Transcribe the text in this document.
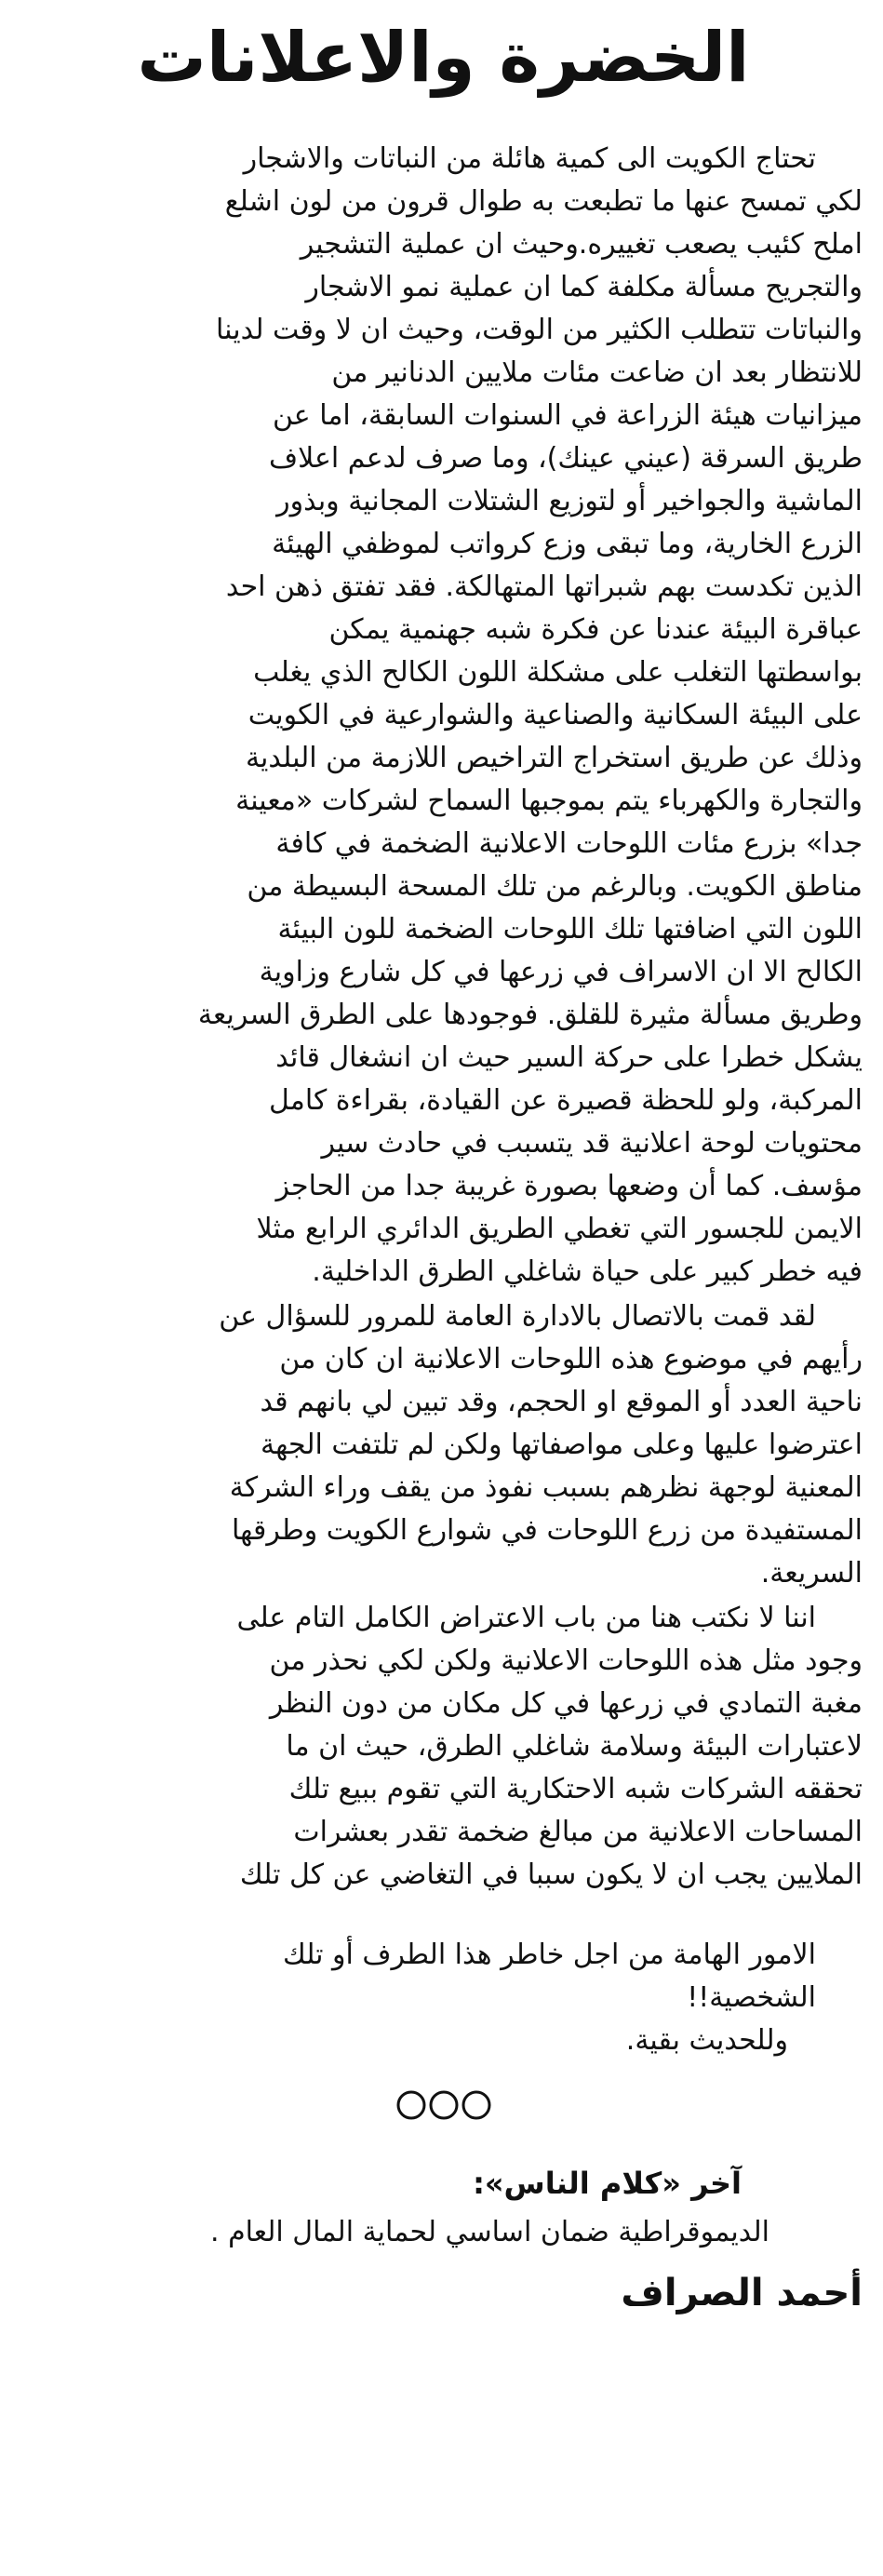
الخضرة والاعلانات

تحتاج الكويت الى كمية هائلة من النباتات والاشجار
لكي تمسح عنها ما تطبعت به طوال قرون من لون اشلع
املح كئيب يصعب تغييره.وحيث ان عملية التشجير
والتجريح مسألة مكلفة كما ان عملية نمو الاشجار
والنباتات تتطلب الكثير من الوقت، وحيث ان لا وقت لدينا
للانتظار بعد ان ضاعت مئات ملايين الدنانير من
ميزانيات هيئة الزراعة في السنوات السابقة، اما عن
طريق السرقة (عيني عينك)، وما صرف لدعم اعلاف
الماشية والجواخير أو لتوزيع الشتلات المجانية وبذور
الزرع الخارية، وما تبقى وزع كرواتب لموظفي الهيئة
الذين تكدست بهم شبراتها المتهالكة. فقد تفتق ذهن احد
عباقرة البيئة عندنا عن فكرة شبه جهنمية يمكن
بواسطتها التغلب على مشكلة اللون الكالح الذي يغلب
على البيئة السكانية والصناعية والشوارعية في الكويت
وذلك عن طريق استخراج التراخيص اللازمة من البلدية
والتجارة والكهرباء يتم بموجبها السماح لشركات «معينة
جدا» بزرع مئات اللوحات الاعلانية الضخمة في كافة
مناطق الكويت. وبالرغم من تلك المسحة البسيطة من
اللون التي اضافتها تلك اللوحات الضخمة للون البيئة
الكالح الا ان الاسراف في زرعها في كل شارع وزاوية
وطريق مسألة مثيرة للقلق. فوجودها على الطرق السريعة
يشكل خطرا على حركة السير حيث ان انشغال قائد
المركبة، ولو للحظة قصيرة عن القيادة، بقراءة كامل
محتويات لوحة اعلانية قد يتسبب في حادث سير
مؤسف. كما أن وضعها بصورة غريبة جدا من الحاجز
الايمن للجسور التي تغطي الطريق الدائري الرابع مثلا
فيه خطر كبير على حياة شاغلي الطرق الداخلية.

لقد قمت بالاتصال بالادارة العامة للمرور للسؤال عن
رأيهم في موضوع هذه اللوحات الاعلانية ان كان من
ناحية العدد أو الموقع او الحجم، وقد تبين لي بانهم قد
اعترضوا عليها وعلى مواصفاتها ولكن لم تلتفت الجهة
المعنية لوجهة نظرهم بسبب نفوذ من يقف وراء الشركة
المستفيدة من زرع اللوحات في شوارع الكويت وطرقها
السريعة.

اننا لا نكتب هنا من باب الاعتراض الكامل التام على
وجود مثل هذه اللوحات الاعلانية ولكن لكي نحذر من
مغبة التمادي في زرعها في كل مكان من دون النظر
لاعتبارات البيئة وسلامة شاغلي الطرق، حيث ان ما
تحققه الشركات شبه الاحتكارية التي تقوم ببيع تلك
المساحات الاعلانية من مبالغ ضخمة تقدر بعشرات
الملايين يجب ان لا يكون سببا في التغاضي عن كل تلك

الامور الهامة من اجل خاطر هذا الطرف أو تلك
الشخصية!!
وللحديث بقية.
آخر «كلام الناس»:
الديموقراطية ضمان اساسي لحماية المال العام .
أحمد الصراف
